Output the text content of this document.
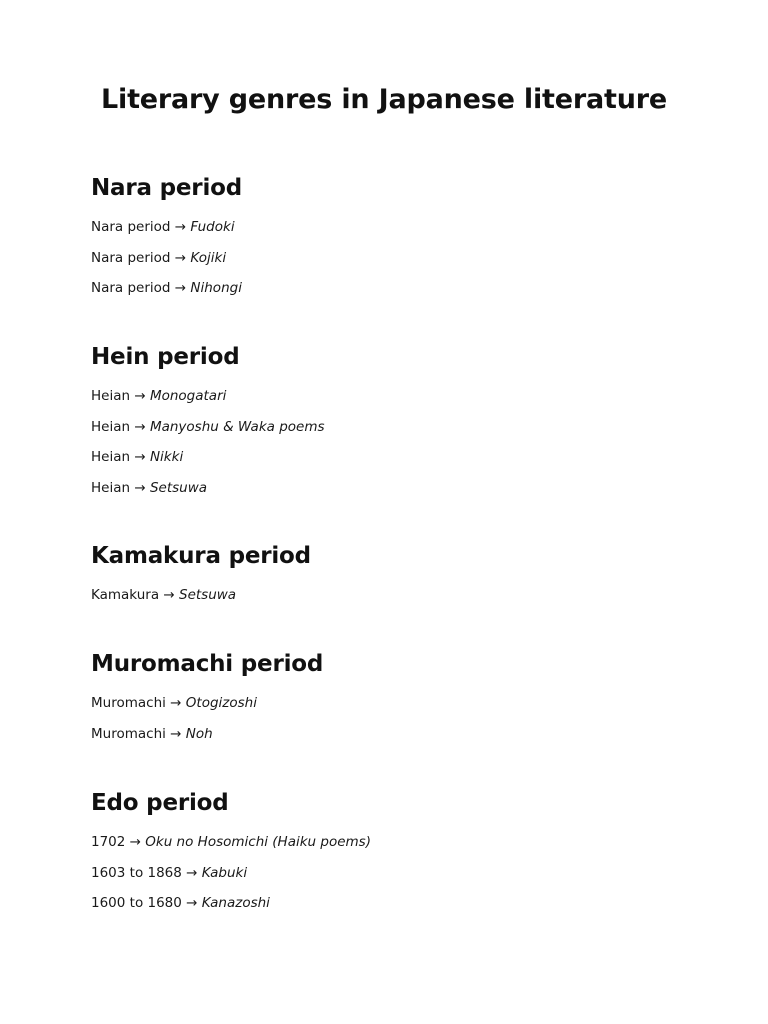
Literary genres in Japanese literature
Nara period

Nara period → Fudoki

Nara period → Kojiki

Nara period → Nihongi

Hein period

Heian → Monogatari

Heian → Manyoshu & Waka poems

Heian → Nikki

Heian → Setsuwa

Kamakura period

Kamakura → Setsuwa

Muromachi period

Muromachi → Otogizoshi

Muromachi → Noh

Edo period

1702 → Oku no Hosomichi (Haiku poems)

1603 to 1868 → Kabuki

1600 to 1680 → Kanazoshi
